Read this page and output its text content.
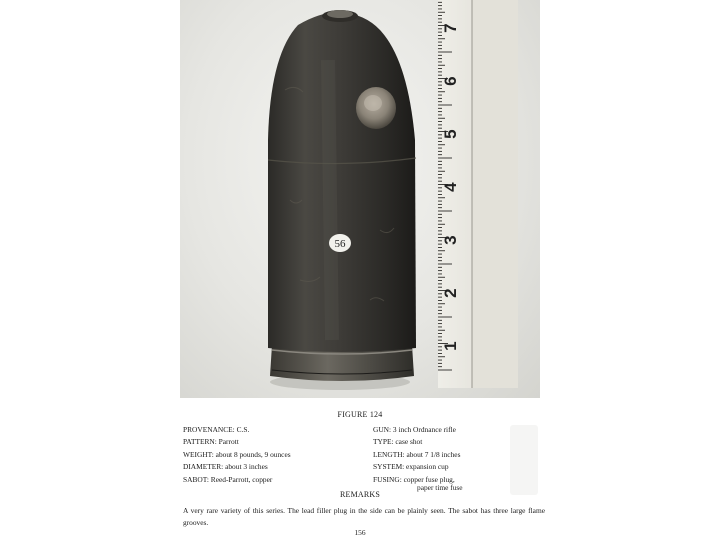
56
7
6
5
4
3
2
1
FIGURE 124
PROVENANCE: C.S.
PATTERN: Parrott
WEIGHT: about 8 pounds, 9 ounces
DIAMETER: about 3 inches
SABOT: Reed-Parrott, copper
GUN: 3 inch Ordnance rifle
TYPE: case shot
LENGTH: about 7 1/8 inches
SYSTEM: expansion cup
FUSING: copper fuse plug,
paper time fuse
REMARKS
A very rare variety of this series. The lead filler plug in the side can be plainly seen. The sabot has three large flame grooves.
156
